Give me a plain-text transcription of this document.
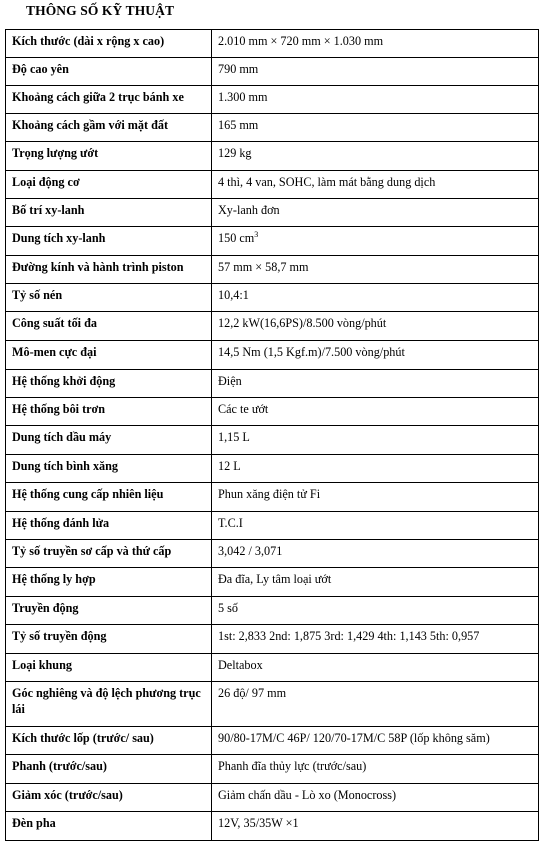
THÔNG SỐ KỸ THUẬT
Kích thước (dài x rộng x cao)	2.010 mm × 720 mm × 1.030 mm
Độ cao yên	790 mm
Khoảng cách giữa 2 trục bánh xe	1.300 mm
Khoảng cách gầm với mặt đất	165 mm
Trọng lượng ướt	129 kg
Loại động cơ	4 thì, 4 van, SOHC, làm mát bằng dung dịch
Bố trí xy-lanh	Xy-lanh đơn
Dung tích xy-lanh	150 $cm^3$
Đường kính và hành trình piston	57 mm × 58,7 mm
Tỷ số nén	10,4:1
Công suất tối đa	12,2 kW(16,6PS)/8.500 vòng/phút
Mô-men cực đại	14,5 Nm (1,5 Kgf.m)/7.500 vòng/phút
Hệ thống khởi động	Điện
Hệ thống bôi trơn	Các te ướt
Dung tích dầu máy	1,15 L
Dung tích bình xăng	12 L
Hệ thống cung cấp nhiên liệu	Phun xăng điện tử Fi
Hệ thống đánh lửa	T.C.I
Tỷ số truyền sơ cấp và thứ cấp	3,042 / 3,071
Hệ thống ly hợp	Đa đĩa, Ly tâm loại ướt
Truyền động	5 số
Tỷ số truyền động	1st: 2,833 2nd: 1,875 3rd: 1,429 4th: 1,143 5th: 0,957
Loại khung	Deltabox
Góc nghiêng và độ lệch phương trục lái	26 độ/ 97 mm
Kích thước lốp (trước/ sau)	90/80-17M/C 46P/ 120/70-17M/C 58P (lốp không săm)
Phanh (trước/sau)	Phanh đĩa thủy lực (trước/sau)
Giảm xóc (trước/sau)	Giảm chấn dầu - Lò xo (Monocross)
Đèn pha	12V, 35/35W ×1
